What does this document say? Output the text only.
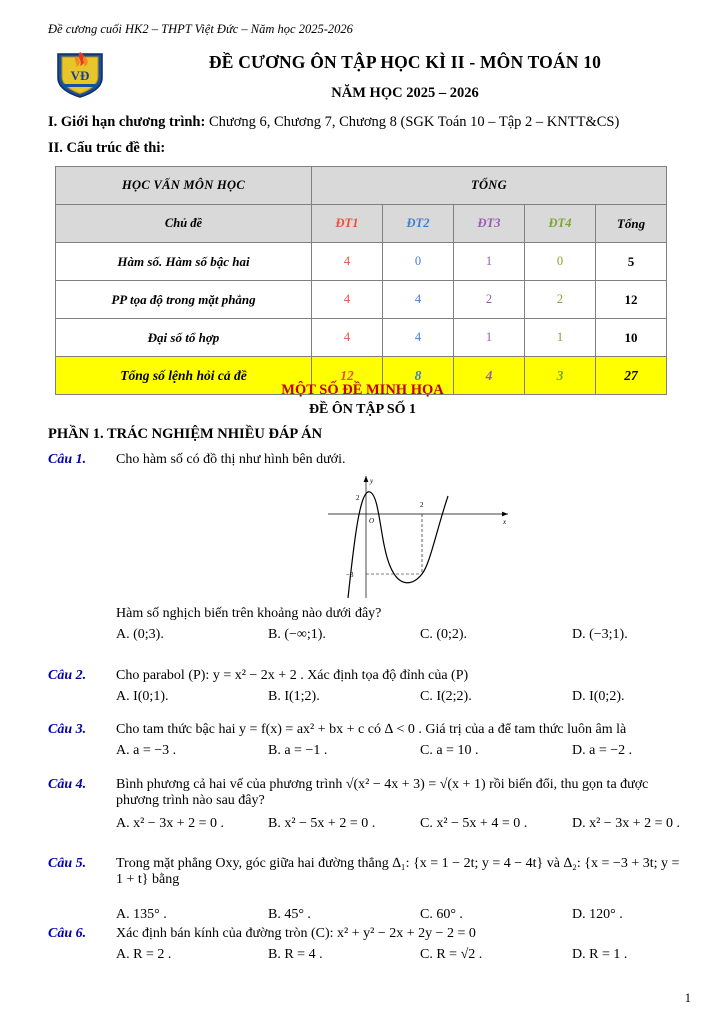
Đề cương cuối HK2 – THPT Việt Đức – Năm học 2025-2026
VĐ
ĐỀ CƯƠNG ÔN TẬP HỌC KÌ II - MÔN TOÁN 10
NĂM HỌC 2025 – 2026
I. Giới hạn chương trình: Chương 6, Chương 7, Chương 8 (SGK Toán 10 – Tập 2 – KNTT&CS)
II. Cấu trúc đề thi:
HỌC VẤN MÔN HỌC	TỔNG				
Chủ đề	ĐT1	ĐT2	ĐT3	ĐT4	Tổng
Hàm số. Hàm số bậc hai	4	0	1	0	5
PP tọa độ trong mặt phẳng	4	4	2	2	12
Đại số tổ hợp	4	4	1	1	10
Tổng số lệnh hỏi cả đề	12	8	4	3	27
MỘT SỐ ĐỀ MINH HỌA
ĐỀ ÔN TẬP SỐ 1
PHẦN 1. TRÁC NGHIỆM NHIỀU ĐÁP ÁN
Câu 1. Cho hàm số có đồ thị như hình bên dưới.
y
x
O
2
2
−3
Hàm số nghịch biến trên khoảng nào dưới đây?
A. (0;3).	B. (−∞;1).	C. (0;2).	D. (−3;1).
Câu 2. Cho parabol (P): y = x² − 2x + 2 . Xác định tọa độ đỉnh của (P)
A. I(0;1).	B. I(1;2).	C. I(2;2).	D. I(0;2).
Câu 3. Cho tam thức bậc hai y = f(x) = ax² + bx + c có ∆ < 0 . Giá trị của a để tam thức luôn âm là
A. a = −3 .	B. a = −1 .	C. a = 10 .	D. a = −2 .
Câu 4. Bình phương cả hai vế của phương trình √(x² − 4x + 3) = √(x + 1) rồi biến đổi, thu gọn ta được phương trình nào sau đây?
A. x² − 3x + 2 = 0 .	B. x² − 5x + 2 = 0 .	C. x² − 5x + 4 = 0 .	D. x² − 3x + 2 = 0 .
Câu 5. Trong mặt phẳng Oxy, góc giữa hai đường thẳng ∆₁: {x = 1 − 2t; y = 4 − 4t} và ∆₂: {x = −3 + 3t; y = 1 + t} bằng
A. 135° .	B. 45° .	C. 60° .	D. 120° .
Câu 6. Xác định bán kính của đường tròn (C): x² + y² − 2x + 2y − 2 = 0
A. R = 2 .	B. R = 4 .	C. R = √2 .	D. R = 1 .
1
